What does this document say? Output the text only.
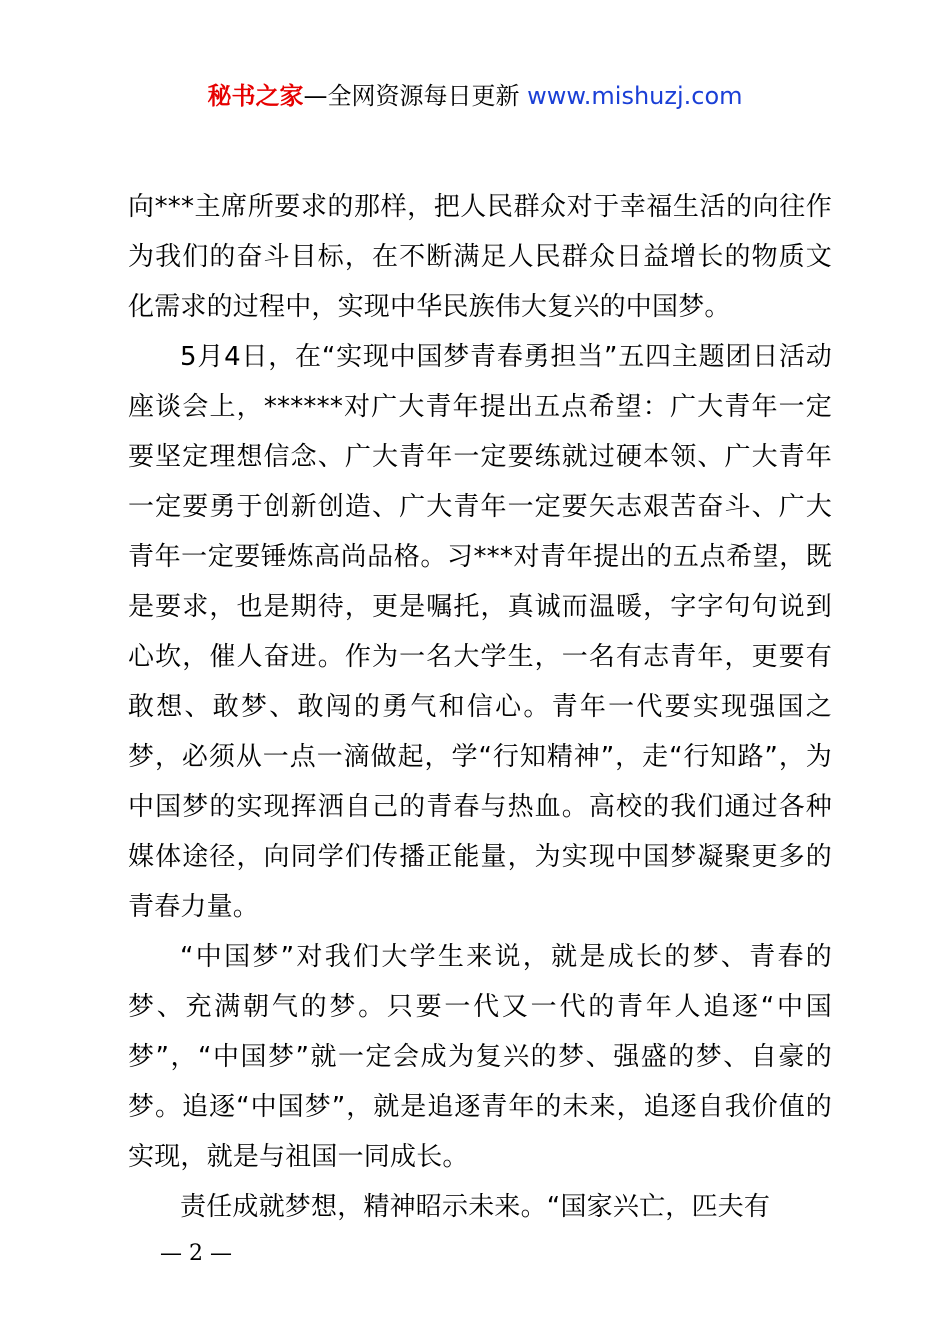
秘书之家—全网资源每日更新 www.mishuzj.com

向***主席所要求的那样，把人民群众对于幸福生活的向往作为我们的奋斗目标，在不断满足人民群众日益增长的物质文化需求的过程中，实现中华民族伟大复兴的中国梦。

5月4日，在“实现中国梦青春勇担当”五四主题团日活动座谈会上，******对广大青年提出五点希望：广大青年一定要坚定理想信念、广大青年一定要练就过硬本领、广大青年一定要勇于创新创造、广大青年一定要矢志艰苦奋斗、广大青年一定要锤炼高尚品格。习***对青年提出的五点希望，既是要求，也是期待，更是嘱托，真诚而温暖，字字句句说到心坎，催人奋进。作为一名大学生，一名有志青年，更要有敢想、敢梦、敢闯的勇气和信心。青年一代要实现强国之梦，必须从一点一滴做起，学“行知精神”，走“行知路”，为中国梦的实现挥洒自己的青春与热血。高校的我们通过各种媒体途径，向同学们传播正能量，为实现中国梦凝聚更多的青春力量。

“中国梦”对我们大学生来说，就是成长的梦、青春的梦、充满朝气的梦。只要一代又一代的青年人追逐“中国梦”，“中国梦”就一定会成为复兴的梦、强盛的梦、自豪的梦。追逐“中国梦”，就是追逐青年的未来，追逐自我价值的实现，就是与祖国一同成长。

责任成就梦想，精神昭示未来。“国家兴亡，匹夫有

— 2 —
